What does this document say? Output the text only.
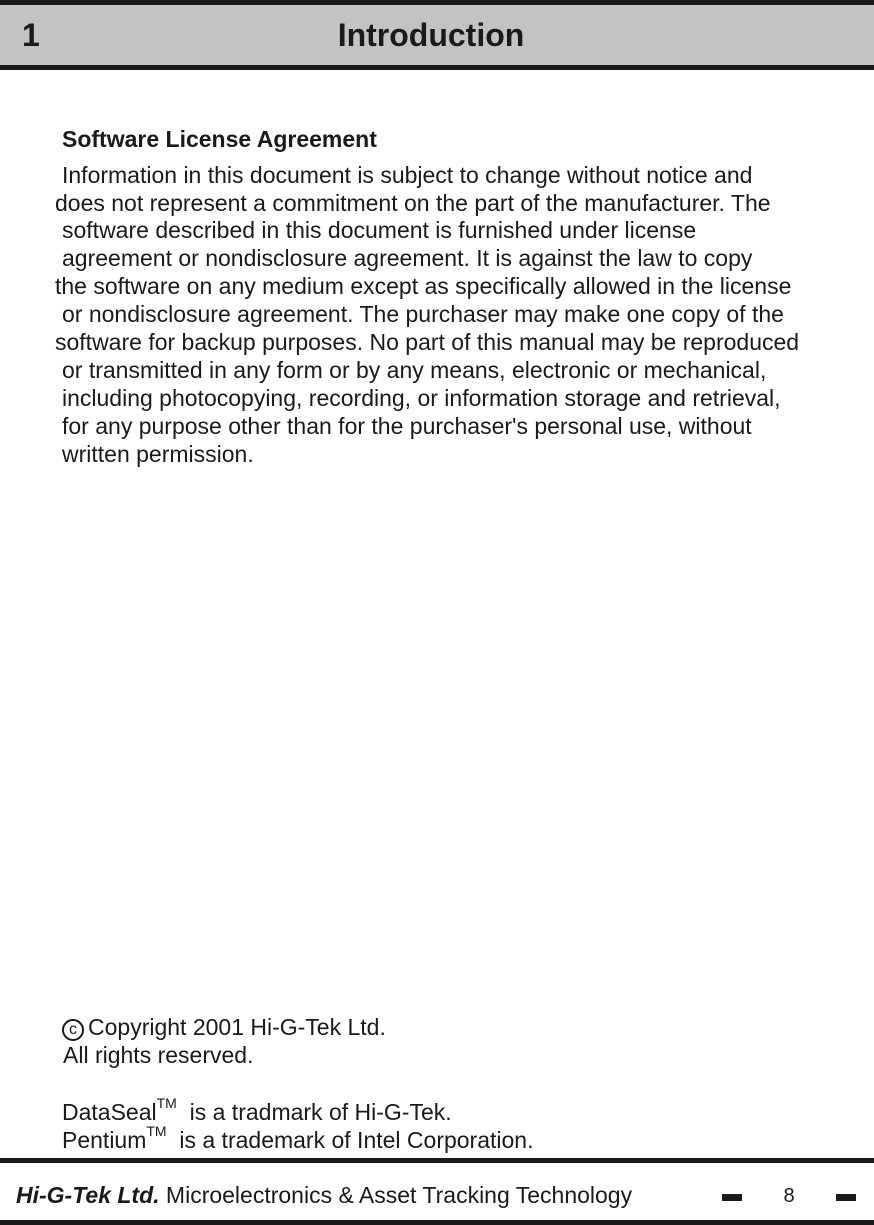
1	Introduction
Software License Agreement
Information in this document is subject to change without notice and
does not represent a commitment on the part of the manufacturer. The
software described in this document is furnished under license
agreement or nondisclosure agreement. It is against the law to copy
the software on any medium except as specifically allowed in the license
or nondisclosure agreement. The purchaser may make one copy of the
software for backup purposes. No part of this manual may be reproduced
or transmitted in any form or by any means, electronic or mechanical,
including photocopying, recording, or information storage and retrieval,
for any purpose other than for the purchaser's personal use, without
written permission.
c Copyright 2001 Hi-G-Tek Ltd.
All rights reserved.
DataSeal™ is a tradmark of Hi-G-Tek.
Pentium™ is a trademark of Intel Corporation.
Hi-G-Tek Ltd. Microelectronics & Asset Tracking Technology	8
